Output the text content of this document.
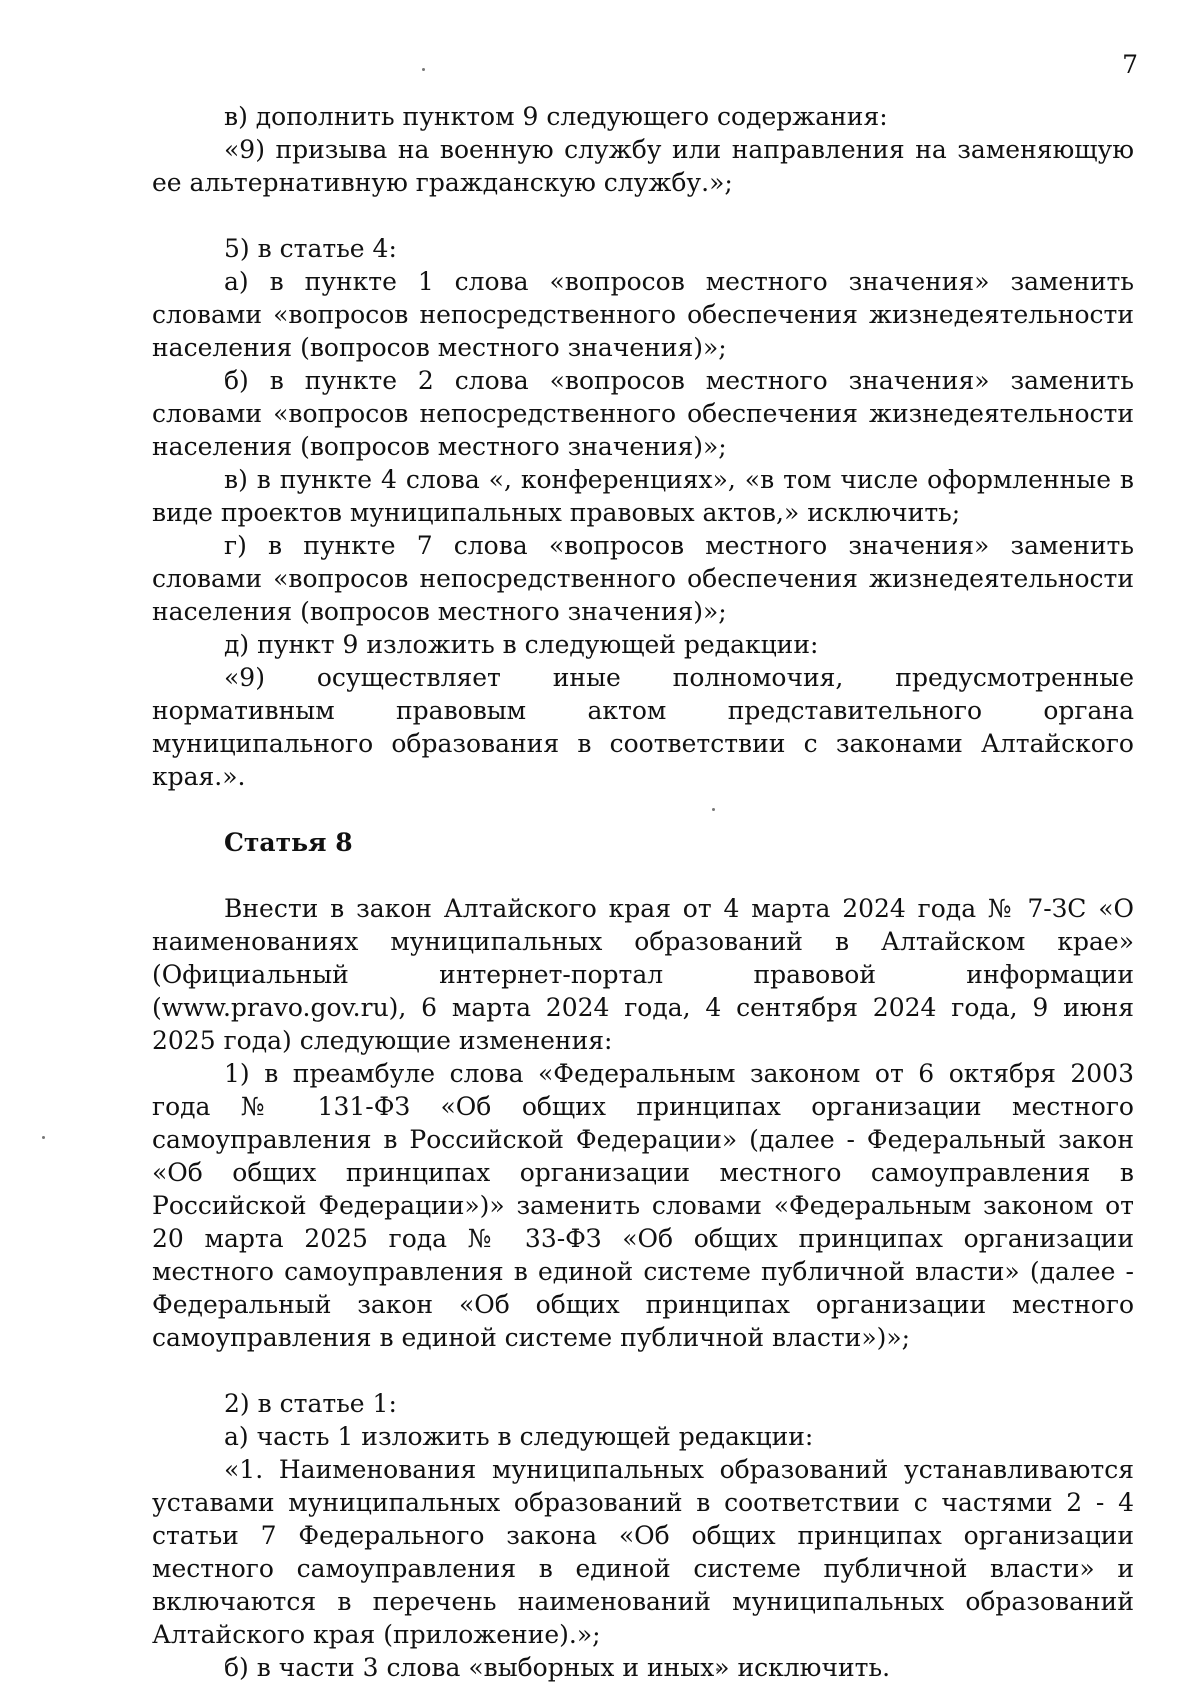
7

в) дополнить пунктом 9 следующего содержания:

«9) призыва на военную службу или направления на заменяющую ее альтернативную гражданскую службу.»;

5) в статье 4:

а) в пункте 1 слова «вопросов местного значения» заменить словами «вопросов непосредственного обеспечения жизнедеятельности населения (вопросов местного значения)»;

б) в пункте 2 слова «вопросов местного значения» заменить словами «вопросов непосредственного обеспечения жизнедеятельности населения (вопросов местного значения)»;

в) в пункте 4 слова «, конференциях», «в том числе оформленные в виде проектов муниципальных правовых актов,» исключить;

г) в пункте 7 слова «вопросов местного значения» заменить словами «вопросов непосредственного обеспечения жизнедеятельности населения (вопросов местного значения)»;

д) пункт 9 изложить в следующей редакции:

«9) осуществляет иные полномочия, предусмотренные нормативным правовым актом представительного органа муниципального образования в соответствии с законами Алтайского края.».

Статья 8

Внести в закон Алтайского края от 4 марта 2024 года № 7-ЗС «О наименованиях муниципальных образований в Алтайском крае» (Официальный интернет-портал правовой информации (www.pravo.gov.ru), 6 марта 2024 года, 4 сентября 2024 года, 9 июня 2025 года) следующие изменения:

1) в преамбуле слова «Федеральным законом от 6 октября 2003 года № 131-ФЗ «Об общих принципах организации местного самоуправления в Российской Федерации» (далее - Федеральный закон «Об общих принципах организации местного самоуправления в Российской Федерации»)» заменить словами «Федеральным законом от 20 марта 2025 года № 33-ФЗ «Об общих принципах организации местного самоуправления в единой системе публичной власти» (далее - Федеральный закон «Об общих принципах организации местного самоуправления в единой системе публичной власти»)»;

2) в статье 1:

а) часть 1 изложить в следующей редакции:

«1. Наименования муниципальных образований устанавливаются уставами муниципальных образований в соответствии с частями 2 - 4 статьи 7 Федерального закона «Об общих принципах организации местного самоуправления в единой системе публичной власти» и включаются в перечень наименований муниципальных образований Алтайского края (приложение).»;

б) в части 3 слова «выборных и иных» исключить.
